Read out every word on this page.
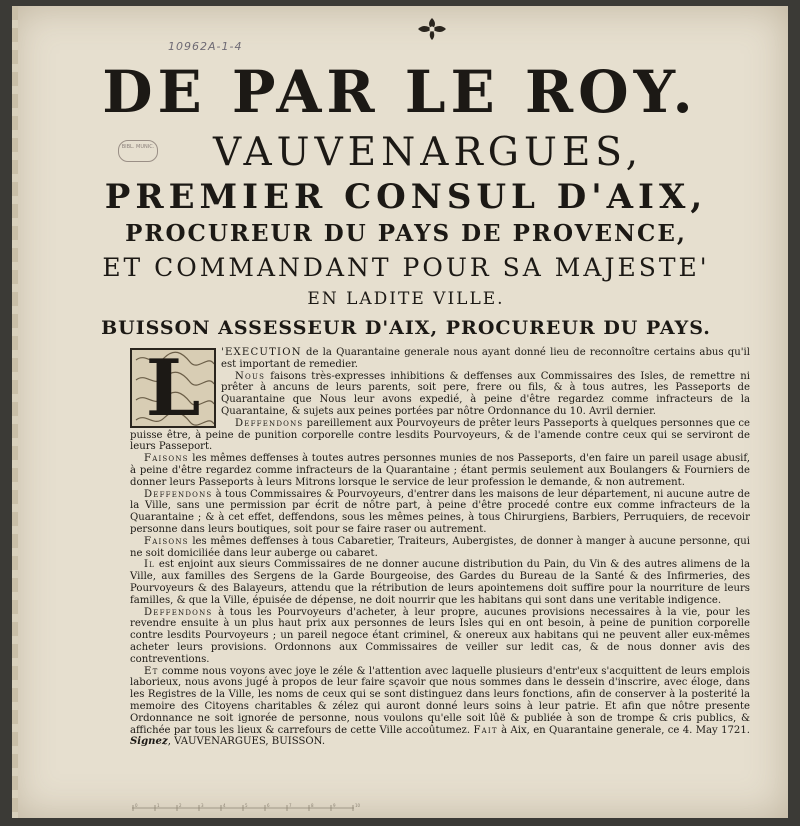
10962A-1-4
BIBL. MUNIC.
DE PAR LE ROY.
VAUVENARGUES,
PREMIER CONSUL D'AIX,
PROCUREUR DU PAYS DE PROVENCE,
ET COMMANDANT POUR SA MAJESTE'
EN LADITE VILLE.
BUISSON ASSESSEUR D'AIX, PROCUREUR DU PAYS.
L	'EXECUTION de la Quarantaine generale nous ayant donné lieu de reconnoître certains abus qu'il est important de remedier.

Nous faisons très-expresses inhibitions & deffenses aux Commissaires des Isles, de remettre ni prêter à ancuns de leurs parents, soit pere, frere ou fils, & à tous autres, les Passeports de Quarantaine que Nous leur avons expedié, à peine d'être regardez comme infracteurs de la Quarantaine, & sujets aux peines portées par nôtre Ordonnance du 10. Avril dernier.

Deffendons pareillement aux Pourvoyeurs de prêter leurs Passeports à quelques personnes que ce puisse être, à peine de punition corporelle contre lesdits Pourvoyeurs, & de l'amende contre ceux qui se serviront de leurs Passeport.

Faisons les mêmes deffenses à toutes autres personnes munies de nos Passeports, d'en faire un pareil usage abusif, à peine d'être regardez comme infracteurs de la Quarantaine ; étant permis seulement aux Boulangers & Fourniers de donner leurs Passeports à leurs Mitrons lorsque le service de leur profession le demande, & non autrement.

Deffendons à tous Commissaires & Pourvoyeurs, d'entrer dans les maisons de leur département, ni aucune autre de la Ville, sans une permission par écrit de nôtre part, à peine d'être procedé contre eux comme infracteurs de la Quarantaine ; & à cet effet, deffendons, sous les mêmes peines, à tous Chirurgiens, Barbiers, Perruquiers, de recevoir personne dans leurs boutiques, soit pour se faire raser ou autrement.

Faisons les mêmes deffenses à tous Cabaretier, Traiteurs, Aubergistes, de donner à manger à aucune personne, qui ne soit domiciliée dans leur auberge ou cabaret.

Il est enjoint aux sieurs Commissaires de ne donner aucune distribution du Pain, du Vin & des autres alimens de la Ville, aux familles des Sergens de la Garde Bourgeoise, des Gardes du Bureau de la Santé & des Infirmeries, des Pourvoyeurs & des Balayeurs, attendu que la rétribution de leurs apointemens doit suffire pour la nourriture de leurs familles, & que la Ville, épuisée de dépense, ne doit nourrir que les habitans qui sont dans une veritable indigence.

Deffendons à tous les Pourvoyeurs d'acheter, à leur propre, aucunes provisions necessaires à la vie, pour les revendre ensuite à un plus haut prix aux personnes de leurs Isles qui en ont besoin, à peine de punition corporelle contre lesdits Pourvoyeurs ; un pareil negoce étant criminel, & onereux aux habitans qui ne peuvent aller eux-mêmes acheter leurs provisions. Ordonnons aux Commissaires de veiller sur ledit cas, & de nous donner avis des contreventions.

Et comme nous voyons avec joye le zéle & l'attention avec laquelle plusieurs d'entr'eux s'acquittent de leurs emplois laborieux, nous avons jugé à propos de leur faire sçavoir que nous sommes dans le dessein d'inscrire, avec éloge, dans les Registres de la Ville, les noms de ceux qui se sont distinguez dans leurs fonctions, afin de conserver à la posterité la memoire des Citoyens charitables & zélez qui auront donné leurs soins à leur patrie. Et afin que nôtre presente Ordonnance ne soit ignorée de personne, nous voulons qu'elle soit lûë & publiée à son de trompe & cris publics, & affichée par tous les lieux & carrefours de cette Ville accoûtumez. Fait à Aix, en Quarantaine generale, ce 4. May 1721. Signez, VAUVENARGUES, BUISSON.

0	1	2	3	4	5	6	7	8	9	10
